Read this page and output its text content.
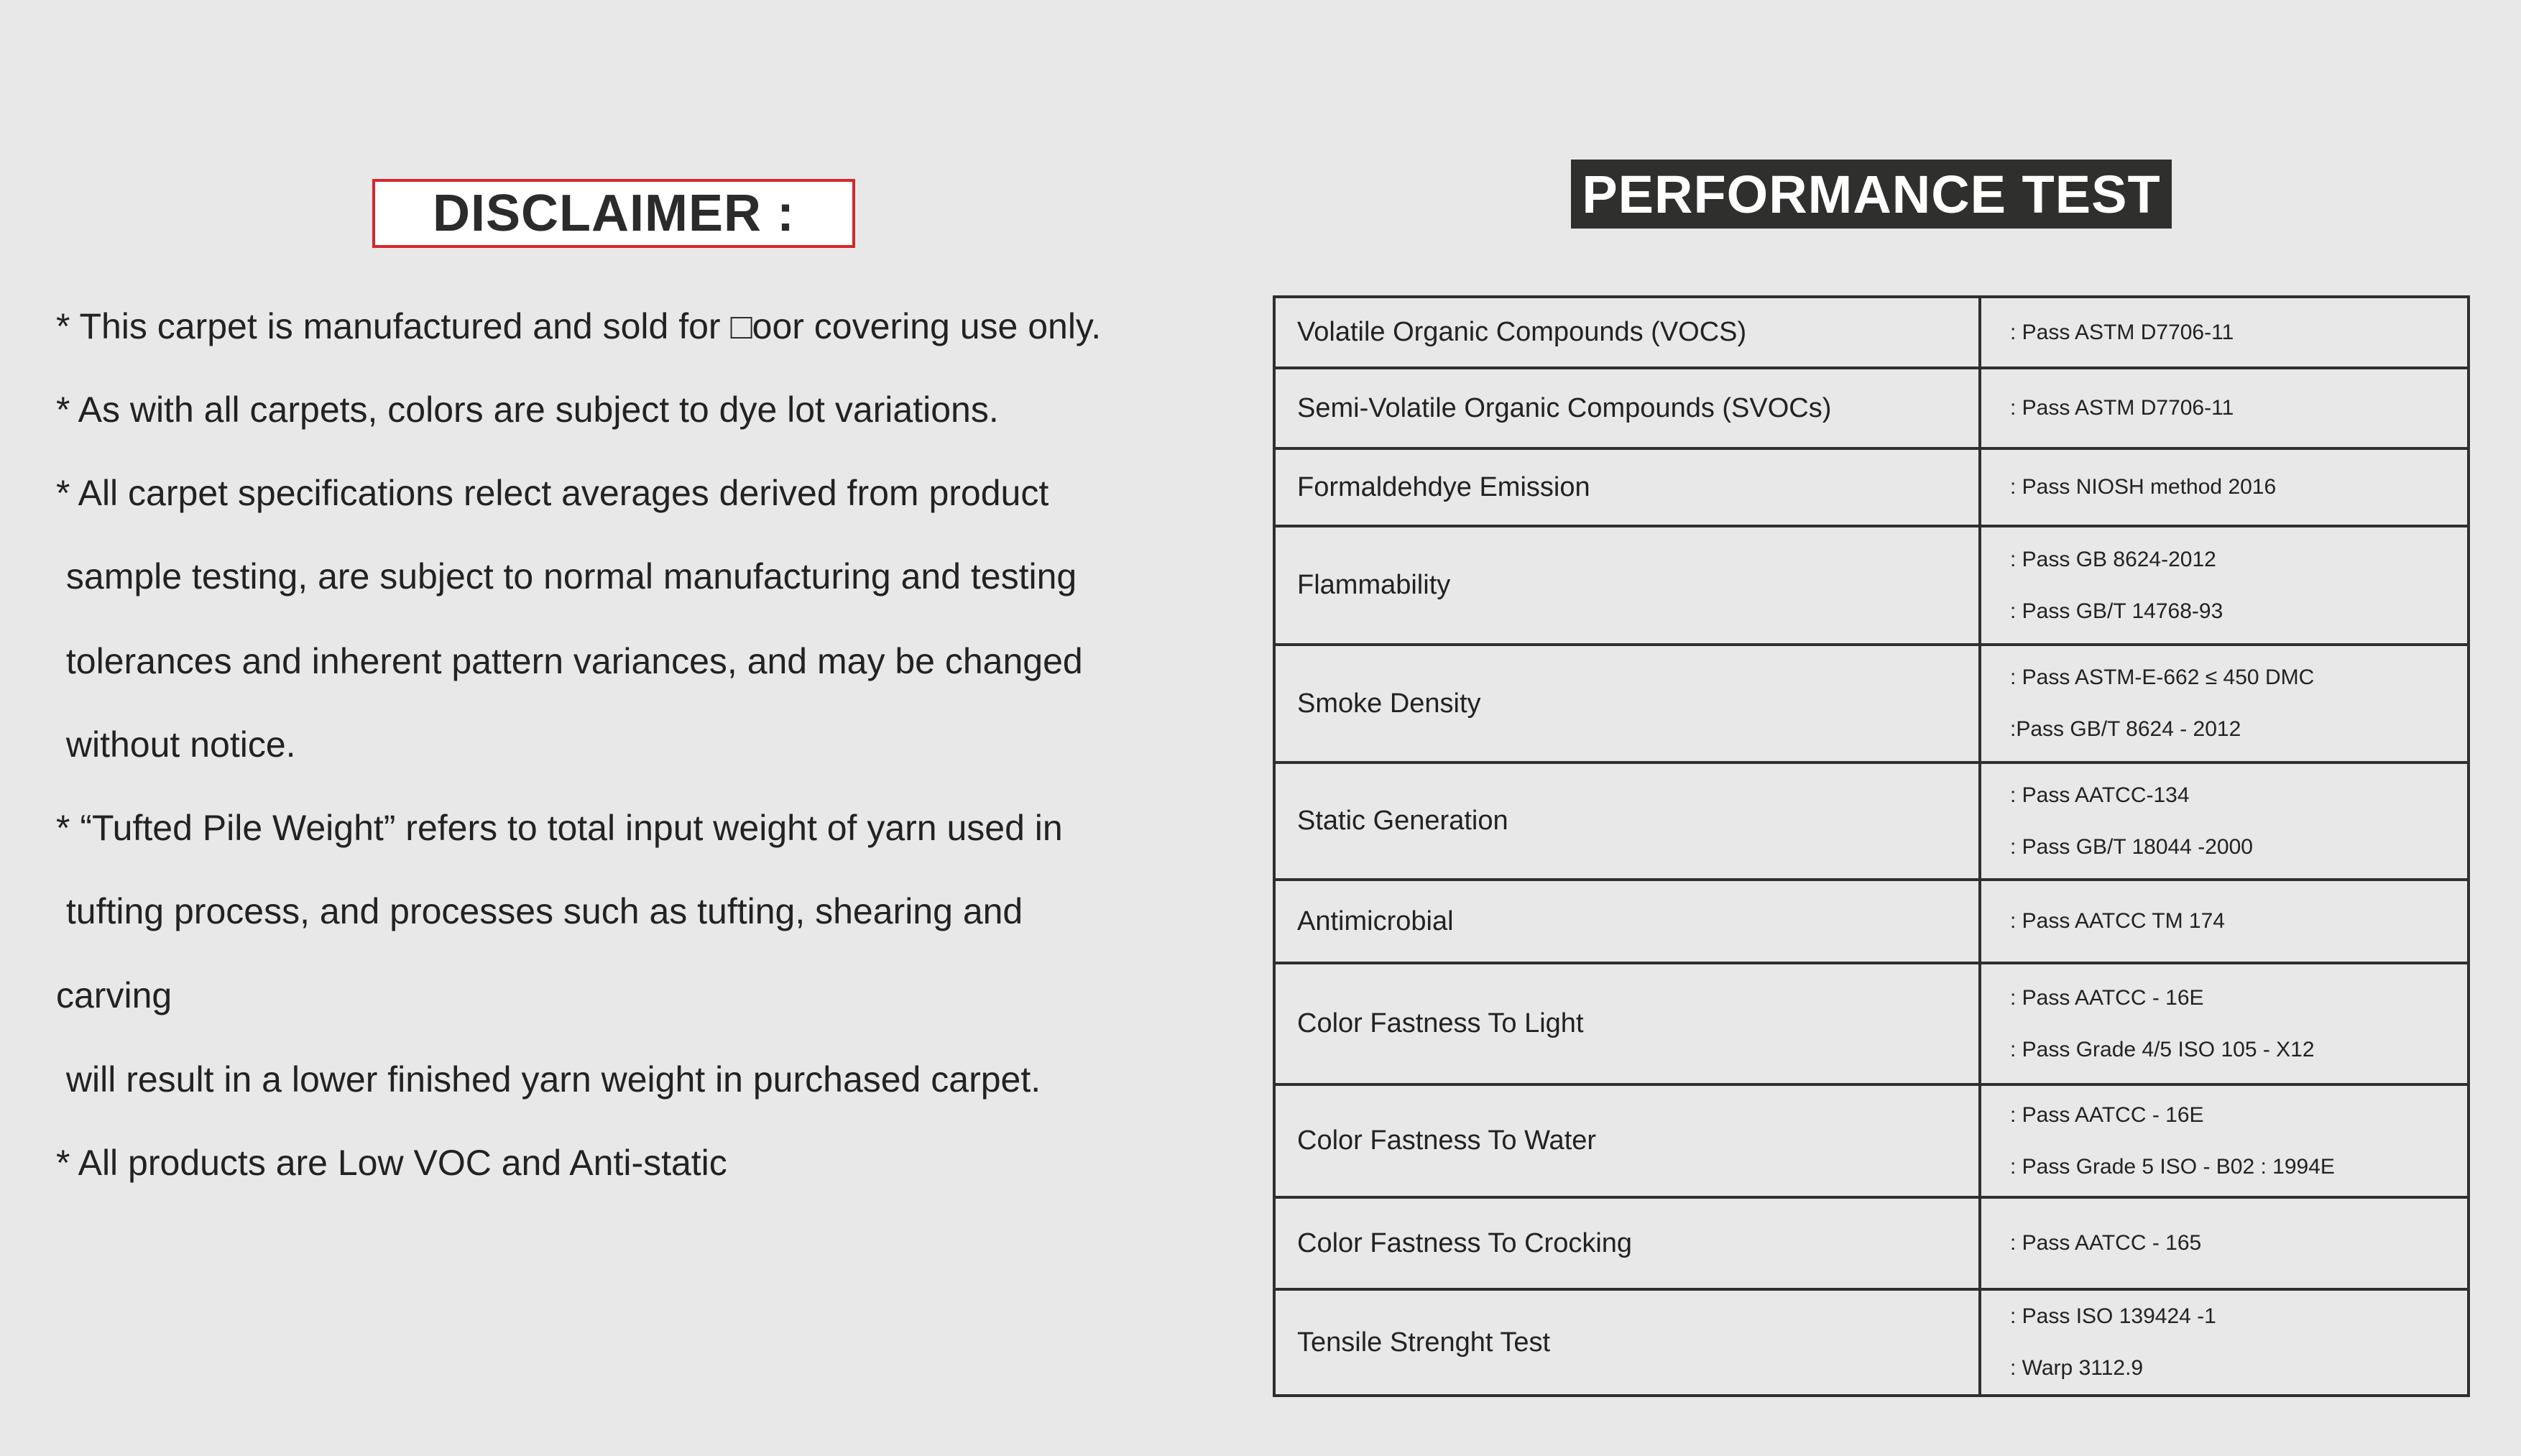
DISCLAIMER :
* This carpet is manufactured and sold for □oor covering use only.
* As with all carpets, colors are subject to dye lot variations.
* All carpet specifications relect averages derived from product
sample testing, are subject to normal manufacturing and testing
tolerances and inherent pattern variances, and may be changed
without notice.
* “Tufted Pile Weight” refers to total input weight of yarn used in
tufting process, and processes such as tufting, shearing and
carving
will result in a lower finished yarn weight in purchased carpet.
* All products are Low VOC and Anti-static
PERFORMANCE TEST
Volatile Organic Compounds (VOCS)	: Pass ASTM D7706-11

Semi-Volatile Organic Compounds (SVOCs)	: Pass ASTM D7706-11

Formaldehdye Emission	: Pass NIOSH method 2016

Flammability	: Pass GB 8624-2012
: Pass GB/T 14768-93

Smoke Density	: Pass ASTM-E-662 ≤ 450 DMC
:Pass GB/T 8624 - 2012

Static Generation	: Pass AATCC-134
: Pass GB/T 18044 -2000

Antimicrobial	: Pass AATCC TM 174

Color Fastness To Light	: Pass AATCC - 16E
: Pass Grade 4/5 ISO 105 - X12

Color Fastness To Water	: Pass AATCC - 16E
: Pass Grade 5 ISO - B02 : 1994E

Color Fastness To Crocking	: Pass AATCC - 165

Tensile Strenght Test	: Pass ISO 139424 -1
: Warp 3112.9
